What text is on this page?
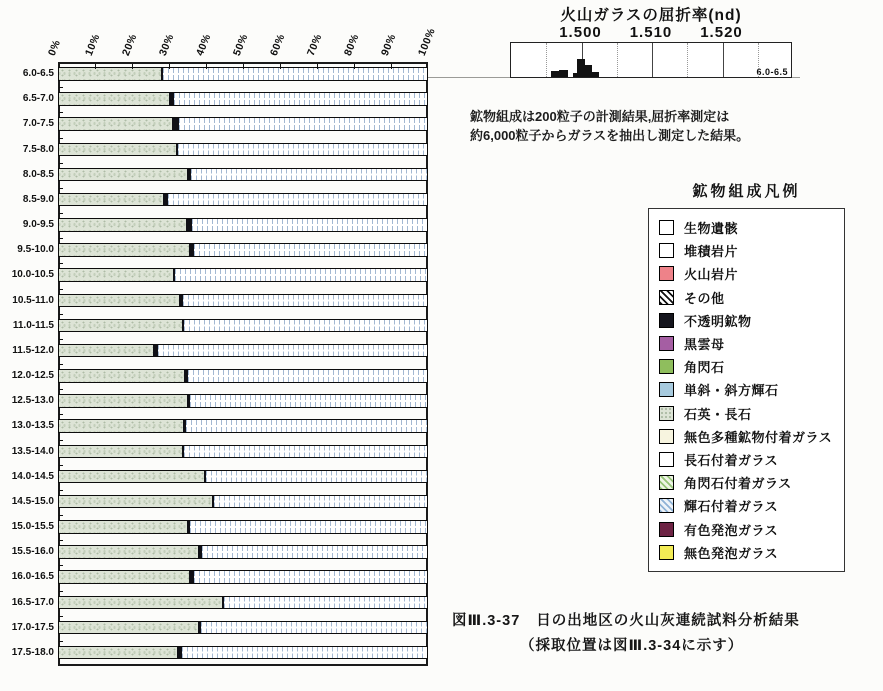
0% 10% 20% 30% 40% 50% 60% 70% 80% 90% 100%
6.0-6.5
6.5-7.0
7.0-7.5
7.5-8.0
8.0-8.5
8.5-9.0
9.0-9.5
9.5-10.0
10.0-10.5
10.5-11.0
11.0-11.5
11.5-12.0
12.0-12.5
12.5-13.0
13.0-13.5
13.5-14.0
14.0-14.5
14.5-15.0
15.0-15.5
15.5-16.0
16.0-16.5
16.5-17.0
17.0-17.5
17.5-18.0
火山ガラスの屈折率(nd)
1.500	1.510	1.520
6.0-6.5
鉱物組成は200粒子の計測結果,屈折率測定は
約6,000粒子からガラスを抽出し測定した結果。
鉱物組成凡例
生物遺骸
堆積岩片
火山岩片
その他
不透明鉱物
黒雲母
角閃石
単斜・斜方輝石
石英・長石
無色多種鉱物付着ガラス
長石付着ガラス
角閃石付着ガラス
輝石付着ガラス
有色発泡ガラス
無色発泡ガラス
図Ⅲ.3-37 日の出地区の火山灰連続試料分析結果
（採取位置は図Ⅲ.3-34に示す）
